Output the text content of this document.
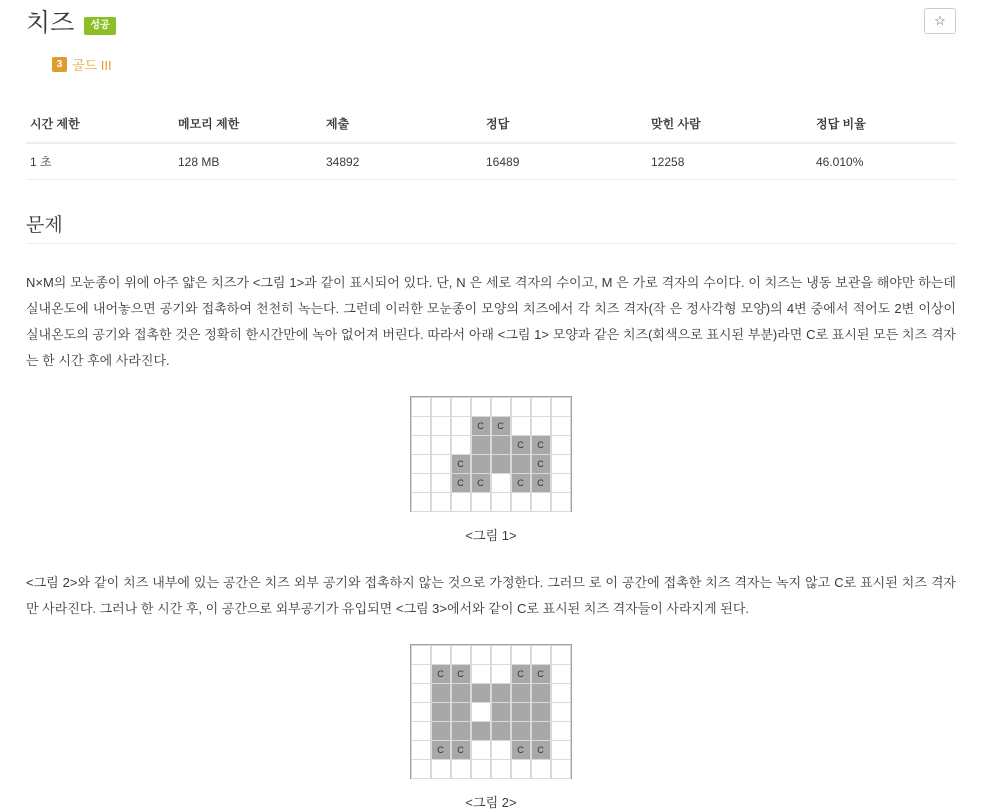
치즈	성공	☆
3 골드 III
시간 제한	메모리 제한	제출	정답	맞힌 사람	정답 비율
1 초	128 MB	34892	16489	12258	46.010%
문제
N×M의 모눈종이 위에 아주 얇은 치즈가 <그림 1>과 같이 표시되어 있다. 단, N 은 세로 격자의 수이고, M 은 가로 격자의 수이다. 이 치즈는 냉동 보관을 해야만 하는데 실내온도에 내어놓으면 공기와 접촉하여 천천히 녹는다. 그런데 이러한 모눈종이 모양의 치즈에서 각 치즈 격자(작 은 정사각형 모양)의 4변 중에서 적어도 2변 이상이 실내온도의 공기와 접촉한 것은 정확히 한시간만에 녹아 없어져 버린다. 따라서 아래 <그림 1> 모양과 같은 치즈(회색으로 표시된 부분)라면 C로 표시된 모든 치즈 격자는 한 시간 후에 사라진다.
C	C
C	C
C	C
C	C	C	C
<그림 1>
<그림 2>와 같이 치즈 내부에 있는 공간은 치즈 외부 공기와 접촉하지 않는 것으로 가정한다. 그러므 로 이 공간에 접촉한 치즈 격자는 녹지 않고 C로 표시된 치즈 격자만 사라진다. 그러나 한 시간 후, 이 공간으로 외부공기가 유입되면 <그림 3>에서와 같이 C로 표시된 치즈 격자들이 사라지게 된다.
C	C	C	C
C	C	C	C
<그림 2>
